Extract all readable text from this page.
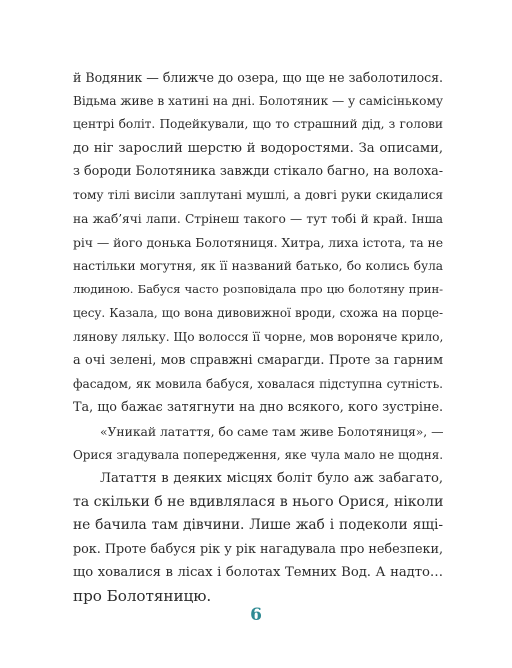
й Водяник — ближче до озера, що ще не заболотилося.
Відьма живе в хатині на дні. Болотяник — у самісінькому
центрі боліт. Подейкували, що то страшний дід, з голови
до ніг зарослий шерстю й водоростями. За описами,
з бороди Болотяника завжди стікало багно, на волоха-
тому тілі висіли заплутані мушлі, а довгі руки скидалися
на жаб’ячі лапи. Стрінеш такого — тут тобі й край. Інша
річ — його донька Болотяниця. Хитра, лиха істота, та не
настільки могутня, як її названий батько, бо колись була
людиною. Бабуся часто розповідала про цю болотяну прин-
цесу. Казала, що вона дивовижної вроди, схожа на порце-
лянову ляльку. Що волосся її чорне, мов вороняче крило,
а очі зелені, мов справжні смарагди. Проте за гарним
фасадом, як мовила бабуся, ховалася підступна сутність.
Та, що бажає затягнути на дно всякого, кого зустріне.
«Уникай латаття, бо саме там живе Болотяниця», —
Орися згадувала попередження, яке чула мало не щодня.
Латаття в деяких місцях боліт було аж забагато,
та скільки б не вдивлялася в нього Орися, ніколи
не бачила там дівчини. Лише жаб і подеколи ящі-
рок. Проте бабуся рік у рік нагадувала про небезпеки,
що ховалися в лісах і болотах Темних Вод. А надто…
про Болотяницю.
6
